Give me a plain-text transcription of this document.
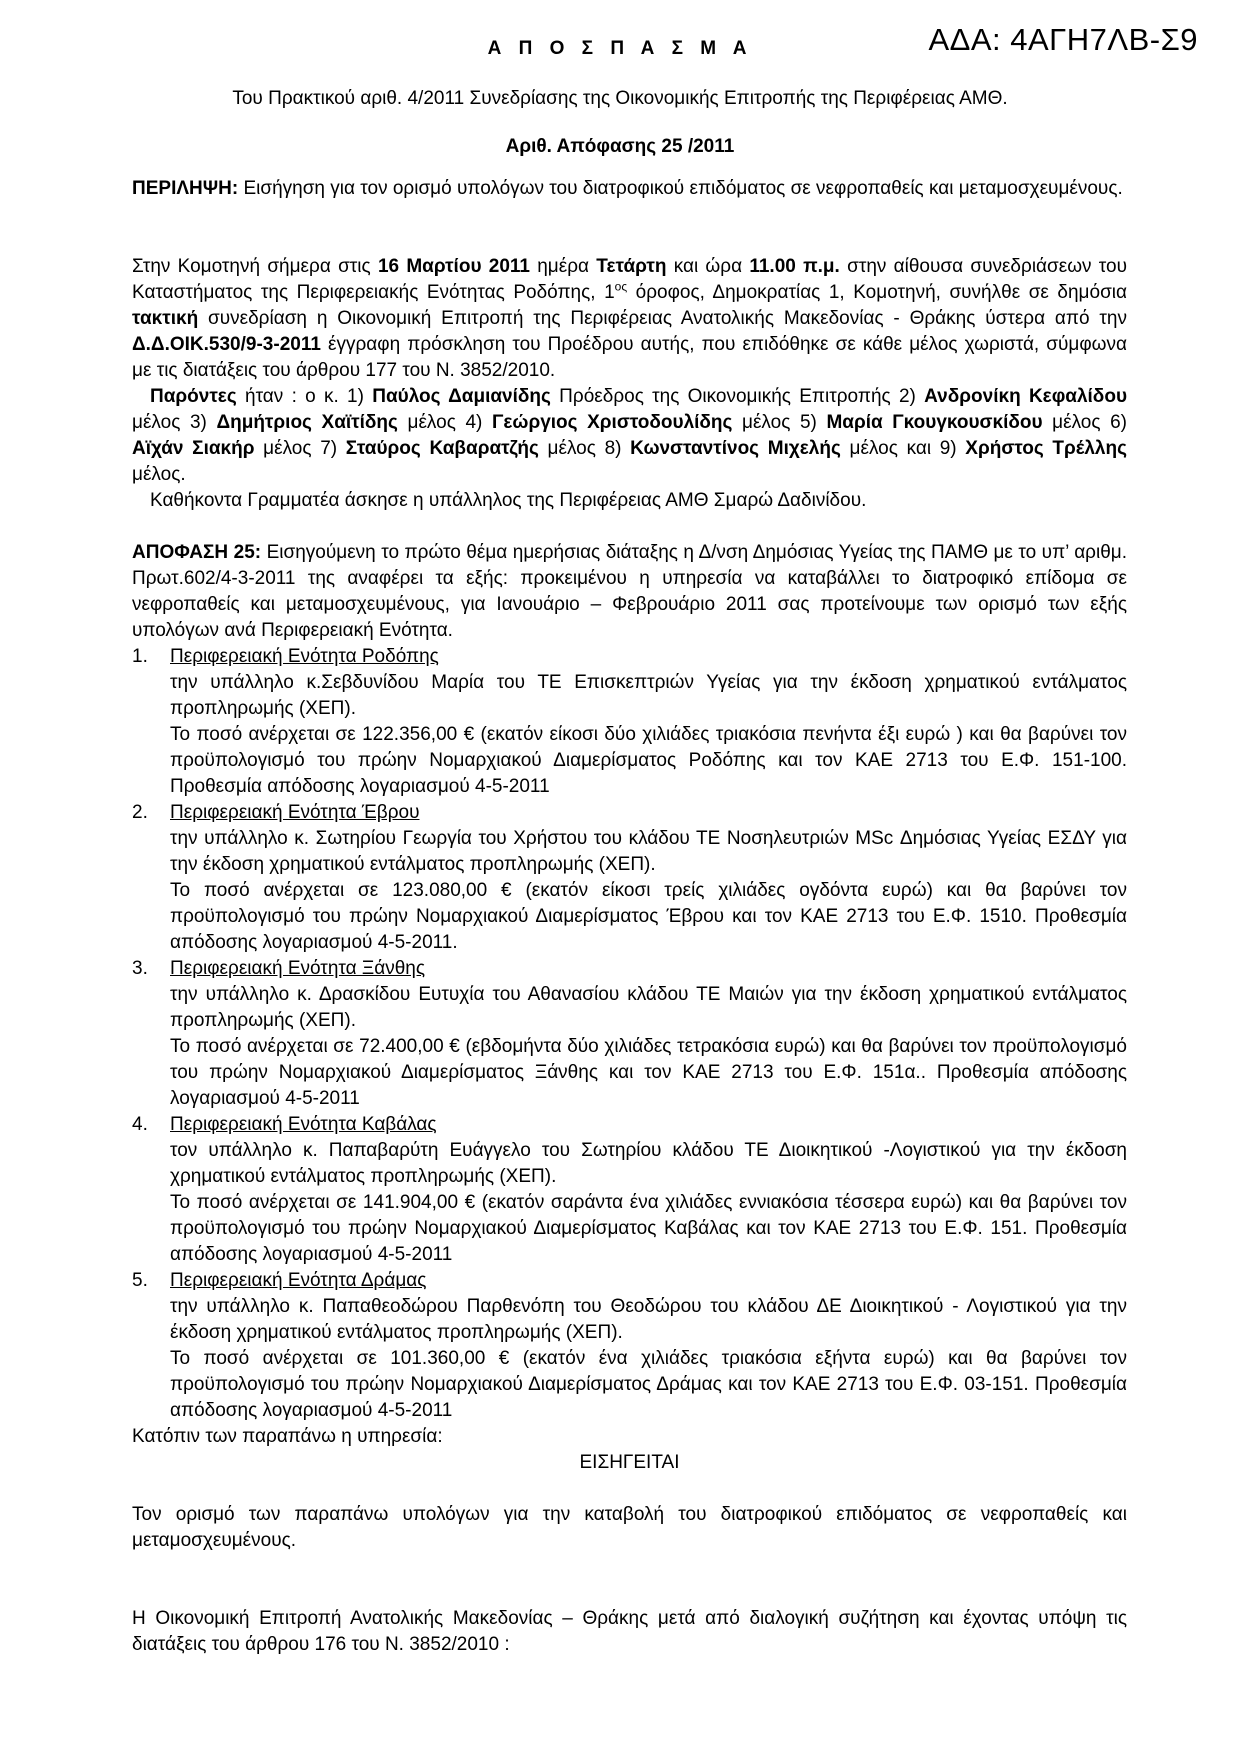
Α Π Ο Σ Π Α Σ Μ Α	ΑΔΑ: 4ΑΓΗ7ΛΒ-Σ9
Του Πρακτικού αριθ. 4/2011 Συνεδρίασης της Οικονομικής Επιτροπής της Περιφέρειας ΑΜΘ.
Αριθ. Απόφασης 25 /2011

ΠΕΡΙΛΗΨΗ: Εισήγηση για τον ορισμό υπολόγων του διατροφικού επιδόματος σε νεφροπαθείς και μεταμοσχευμένους.

Στην Κομοτηνή σήμερα στις 16 Μαρτίου 2011 ημέρα Τετάρτη και ώρα 11.00 π.μ. στην αίθουσα συνεδριάσεων του Καταστήματος της Περιφερειακής Ενότητας Ροδόπης, $1^{o\varsigma}$ όροφος, Δημοκρατίας 1, Κομοτηνή, συνήλθε σε δημόσια τακτική συνεδρίαση η Οικονομική Επιτροπή της Περιφέρειας Ανατολικής Μακεδονίας - Θράκης ύστερα από την Δ.Δ.ΟΙΚ.530/9-3-2011 έγγραφη πρόσκληση του Προέδρου αυτής, που επιδόθηκε σε κάθε μέλος χωριστά, σύμφωνα με τις διατάξεις του άρθρου 177 του Ν. 3852/2010.

Παρόντες ήταν : ο κ. 1) Παύλος Δαμιανίδης Πρόεδρος της Οικονομικής Επιτροπής 2) Ανδρονίκη Κεφαλίδου μέλος 3) Δημήτριος Χαϊτίδης μέλος 4) Γεώργιος Χριστοδουλίδης μέλος 5) Μαρία Γκουγκουσκίδου μέλος 6) Αϊχάν Σιακήρ μέλος 7) Σταύρος Καβαρατζής μέλος 8) Κωνσταντίνος Μιχελής μέλος και 9) Χρήστος Τρέλλης μέλος.

Καθήκοντα Γραμματέα άσκησε η υπάλληλος της Περιφέρειας ΑΜΘ Σμαρώ Δαδινίδου.

ΑΠΟΦΑΣΗ 25: Εισηγούμενη το πρώτο θέμα ημερήσιας διάταξης η Δ/νση Δημόσιας Υγείας της ΠΑΜΘ με το υπ’ αριθμ. Πρωτ.602/4-3-2011 της αναφέρει τα εξής: προκειμένου η υπηρεσία να καταβάλλει το διατροφικό επίδομα σε νεφροπαθείς και μεταμοσχευμένους, για Ιανουάριο – Φεβρουάριο 2011 σας προτείνουμε των ορισμό των εξής υπολόγων ανά Περιφερειακή Ενότητα.

1. Περιφερειακή Ενότητα Ροδόπης

την υπάλληλο κ.Σεβδυνίδου Μαρία του ΤΕ Επισκεπτριών Υγείας για την έκδοση χρηματικού εντάλματος προπληρωμής (ΧΕΠ).

Το ποσό ανέρχεται σε 122.356,00 € (εκατόν είκοσι δύο χιλιάδες τριακόσια πενήντα έξι ευρώ ) και θα βαρύνει τον προϋπολογισμό του πρώην Νομαρχιακού Διαμερίσματος Ροδόπης και τον ΚΑΕ 2713 του Ε.Φ. 151-100. Προθεσμία απόδοσης λογαριασμού 4-5-2011

2. Περιφερειακή Ενότητα Έβρου

την υπάλληλο κ. Σωτηρίου Γεωργία του Χρήστου του κλάδου ΤΕ Νοσηλευτριών MSc Δημόσιας Υγείας ΕΣΔΥ για την έκδοση χρηματικού εντάλματος προπληρωμής (ΧΕΠ).

Το ποσό ανέρχεται σε 123.080,00 € (εκατόν είκοσι τρείς χιλιάδες ογδόντα ευρώ) και θα βαρύνει τον προϋπολογισμό του πρώην Νομαρχιακού Διαμερίσματος Έβρου και τον ΚΑΕ 2713 του Ε.Φ. 1510. Προθεσμία απόδοσης λογαριασμού 4-5-2011.

3. Περιφερειακή Ενότητα Ξάνθης

την υπάλληλο κ. Δρασκίδου Ευτυχία του Αθανασίου κλάδου ΤΕ Μαιών για την έκδοση χρηματικού εντάλματος προπληρωμής (ΧΕΠ).

Το ποσό ανέρχεται σε 72.400,00 € (εβδομήντα δύο χιλιάδες τετρακόσια ευρώ) και θα βαρύνει τον προϋπολογισμό του πρώην Νομαρχιακού Διαμερίσματος Ξάνθης και τον ΚΑΕ 2713 του Ε.Φ. 151α.. Προθεσμία απόδοσης λογαριασμού 4-5-2011

4. Περιφερειακή Ενότητα Καβάλας

τον υπάλληλο κ. Παπαβαρύτη Ευάγγελο του Σωτηρίου κλάδου ΤΕ Διοικητικού -Λογιστικού για την έκδοση χρηματικού εντάλματος προπληρωμής (ΧΕΠ).

Το ποσό ανέρχεται σε 141.904,00 € (εκατόν σαράντα ένα χιλιάδες εννιακόσια τέσσερα ευρώ) και θα βαρύνει τον προϋπολογισμό του πρώην Νομαρχιακού Διαμερίσματος Καβάλας και τον ΚΑΕ 2713 του Ε.Φ. 151. Προθεσμία απόδοσης λογαριασμού 4-5-2011

5. Περιφερειακή Ενότητα Δράμας

την υπάλληλο κ. Παπαθεοδώρου Παρθενόπη του Θεοδώρου του κλάδου ΔΕ Διοικητικού - Λογιστικού για την έκδοση χρηματικού εντάλματος προπληρωμής (ΧΕΠ).

Το ποσό ανέρχεται σε 101.360,00 € (εκατόν ένα χιλιάδες τριακόσια εξήντα ευρώ) και θα βαρύνει τον προϋπολογισμό του πρώην Νομαρχιακού Διαμερίσματος Δράμας και τον ΚΑΕ 2713 του Ε.Φ. 03-151. Προθεσμία απόδοσης λογαριασμού 4-5-2011

Κατόπιν των παραπάνω η υπηρεσία:

ΕΙΣΗΓΕΙΤΑΙ

Τον ορισμό των παραπάνω υπολόγων για την καταβολή του διατροφικού επιδόματος σε νεφροπαθείς και μεταμοσχευμένους.

Η Οικονομική Επιτροπή Ανατολικής Μακεδονίας – Θράκης μετά από διαλογική συζήτηση και έχοντας υπόψη τις διατάξεις του άρθρου 176 του Ν. 3852/2010 :
